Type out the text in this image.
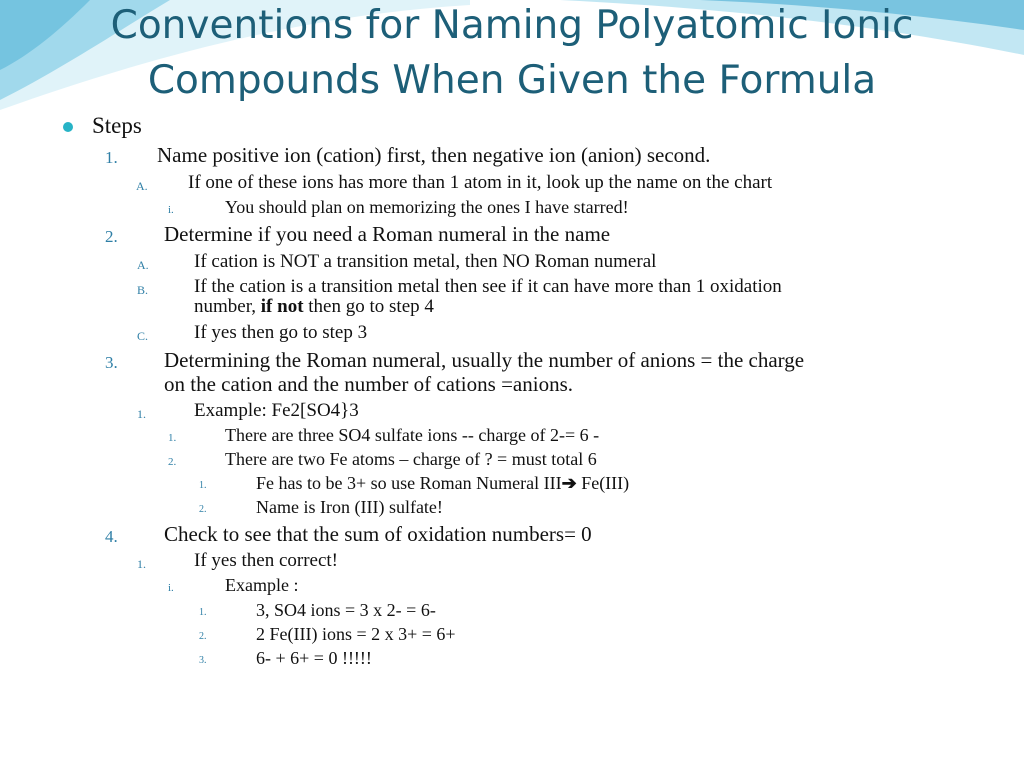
Conventions for Naming Polyatomic Ionic
Compounds When Given the Formula
Steps
1. Name positive ion (cation) first, then negative ion (anion) second.
A. If one of these ions has more than 1 atom in it, look up the name on the chart
i.	You should plan on memorizing the ones I have starred!
2. Determine if you need a Roman numeral in the name
A. If cation is NOT a transition metal, then NO Roman numeral
B. If the cation is a transition metal then see if it can have more than 1 oxidation
number, if not then go to step 4
C. If yes then go to step 3
3. Determining the Roman numeral, usually the number of anions = the charge
on the cation and the number of cations =anions.
1.	Example: Fe2[SO4}3
1.	There are three SO4 sulfate ions -- charge of 2-= 6 -
2.	There are two Fe atoms – charge of ? = must total 6
1.	Fe has to be 3+ so use Roman Numeral III➔ Fe(III)
2.	Name is Iron (III) sulfate!
4. Check to see that the sum of oxidation numbers= 0
1.	If yes then correct!
i.	Example :
1.	3, SO4 ions = 3 x 2- = 6-
2.	2 Fe(III) ions = 2 x 3+ = 6+
3.	6- + 6+ = 0 !!!!!
